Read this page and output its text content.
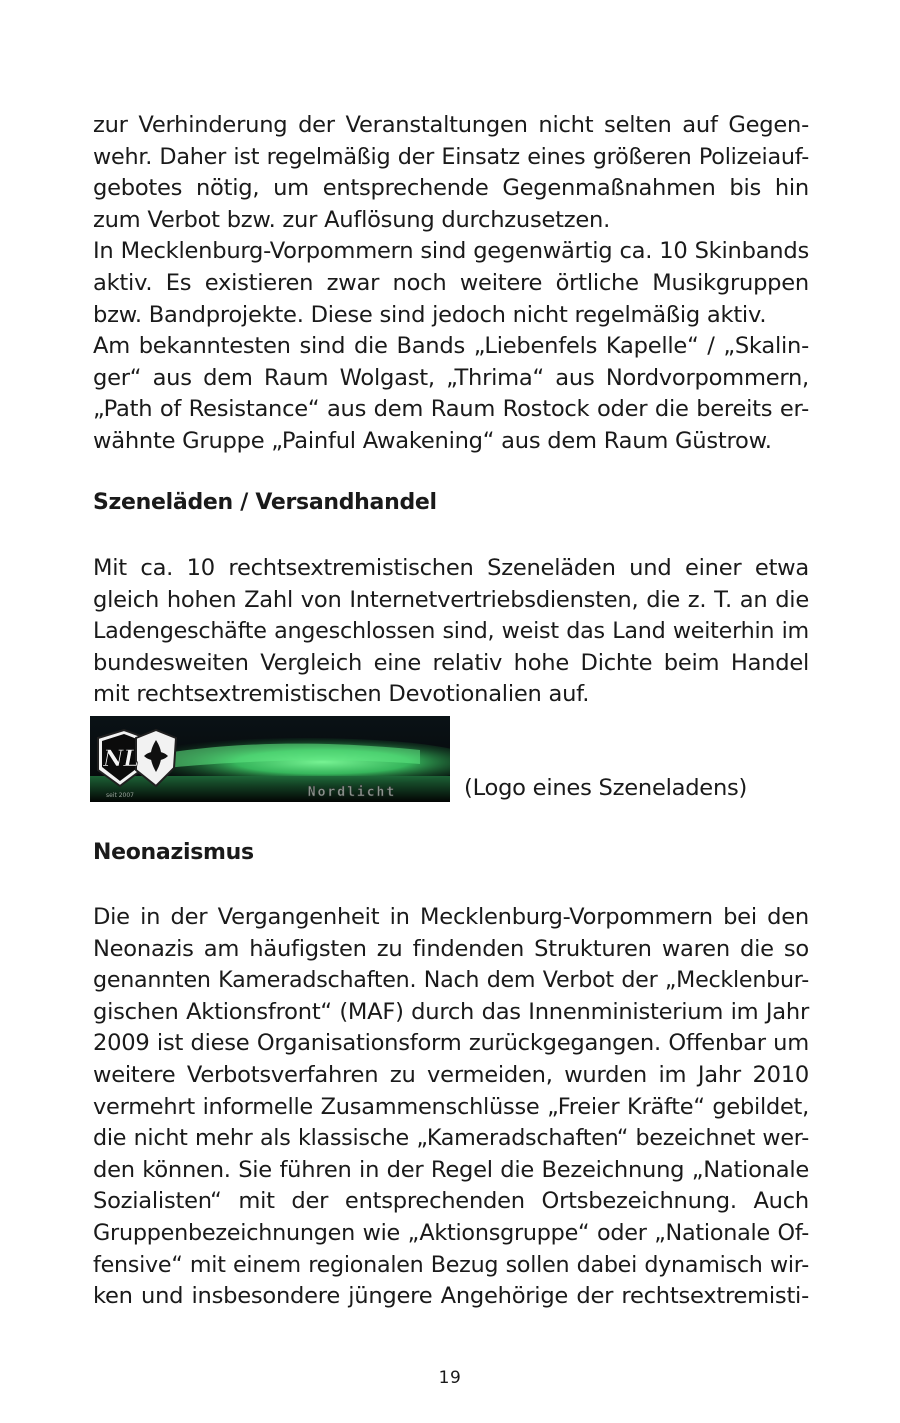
zur Verhinderung der Veranstaltungen nicht selten auf Gegen-
wehr. Daher ist regelmäßig der Einsatz eines größeren Polizeiauf-
gebotes nötig, um entsprechende Gegenmaßnahmen bis hin
zum Verbot bzw. zur Auflösung durchzusetzen.
In Mecklenburg-Vorpommern sind gegenwärtig ca. 10 Skinbands
aktiv. Es existieren zwar noch weitere örtliche Musikgruppen
bzw. Bandprojekte. Diese sind jedoch nicht regelmäßig aktiv.
Am bekanntesten sind die Bands „Liebenfels Kapelle“ / „Skalin-
ger“ aus dem Raum Wolgast, „Thrima“ aus Nordvorpommern,
„Path of Resistance“ aus dem Raum Rostock oder die bereits er-
wähnte Gruppe „Painful Awakening“ aus dem Raum Güstrow.
Szeneläden / Versandhandel
Mit ca. 10 rechtsextremistischen Szeneläden und einer etwa
gleich hohen Zahl von Internetvertriebsdiensten, die z. T. an die
Ladengeschäfte angeschlossen sind, weist das Land weiterhin im
bundesweiten Vergleich eine relativ hohe Dichte beim Handel
mit rechtsextremistischen Devotionalien auf.
NL
seit 2007	Nordlicht	(Logo eines Szeneladens)
Neonazismus
Die in der Vergangenheit in Mecklenburg-Vorpommern bei den
Neonazis am häufigsten zu findenden Strukturen waren die so
genannten Kameradschaften. Nach dem Verbot der „Mecklenbur-
gischen Aktionsfront“ (MAF) durch das Innenministerium im Jahr
2009 ist diese Organisationsform zurückgegangen. Offenbar um
weitere Verbotsverfahren zu vermeiden, wurden im Jahr 2010
vermehrt informelle Zusammenschlüsse „Freier Kräfte“ gebildet,
die nicht mehr als klassische „Kameradschaften“ bezeichnet wer-
den können. Sie führen in der Regel die Bezeichnung „Nationale
Sozialisten“ mit der entsprechenden Ortsbezeichnung. Auch
Gruppenbezeichnungen wie „Aktionsgruppe“ oder „Nationale Of-
fensive“ mit einem regionalen Bezug sollen dabei dynamisch wir-
ken und insbesondere jüngere Angehörige der rechtsextremisti-
19
